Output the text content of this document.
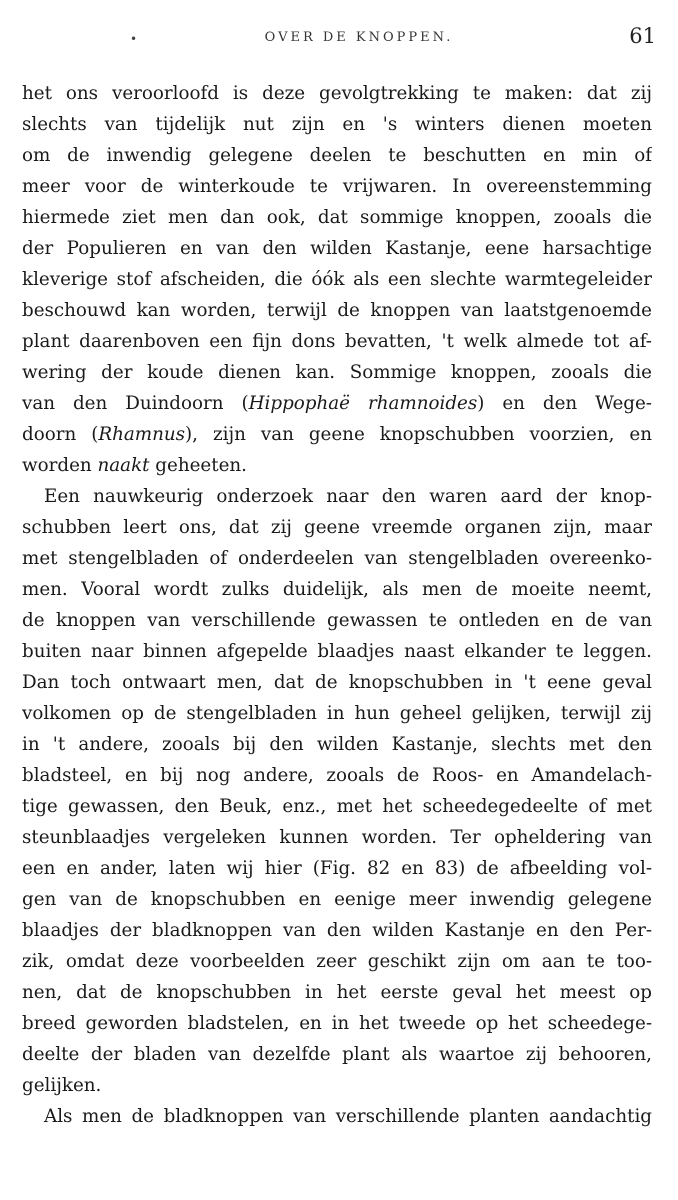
•	OVER DE KNOPPEN.	61
het ons veroorloofd is deze gevolgtrekking te maken: dat zij
slechts van tijdelijk nut zijn en 's winters dienen moeten
om de inwendig gelegene deelen te beschutten en min of
meer voor de winterkoude te vrijwaren. In overeenstemming
hiermede ziet men dan ook, dat sommige knoppen, zooals die
der Populieren en van den wilden Kastanje, eene harsachtige
kleverige stof afscheiden, die óók als een slechte warmtegeleider
beschouwd kan worden, terwijl de knoppen van laatstgenoemde
plant daarenboven een fijn dons bevatten, 't welk almede tot af-
wering der koude dienen kan. Sommige knoppen, zooals die
van den Duindoorn (Hippophaë rhamnoides) en den Wege-
doorn (Rhamnus), zijn van geene knopschubben voorzien, en
worden naakt geheeten.
Een nauwkeurig onderzoek naar den waren aard der knop-
schubben leert ons, dat zij geene vreemde organen zijn, maar
met stengelbladen of onderdeelen van stengelbladen overeenko-
men. Vooral wordt zulks duidelijk, als men de moeite neemt,
de knoppen van verschillende gewassen te ontleden en de van
buiten naar binnen afgepelde blaadjes naast elkander te leggen.
Dan toch ontwaart men, dat de knopschubben in 't eene geval
volkomen op de stengelbladen in hun geheel gelijken, terwijl zij
in 't andere, zooals bij den wilden Kastanje, slechts met den
bladsteel, en bij nog andere, zooals de Roos- en Amandelach-
tige gewassen, den Beuk, enz., met het scheedegedeelte of met
steunblaadjes vergeleken kunnen worden. Ter opheldering van
een en ander, laten wij hier (Fig. 82 en 83) de afbeelding vol-
gen van de knopschubben en eenige meer inwendig gelegene
blaadjes der bladknoppen van den wilden Kastanje en den Per-
zik, omdat deze voorbeelden zeer geschikt zijn om aan te too-
nen, dat de knopschubben in het eerste geval het meest op
breed geworden bladstelen, en in het tweede op het scheedege-
deelte der bladen van dezelfde plant als waartoe zij behooren,
gelijken.
Als men de bladknoppen van verschillende planten aandachtig
